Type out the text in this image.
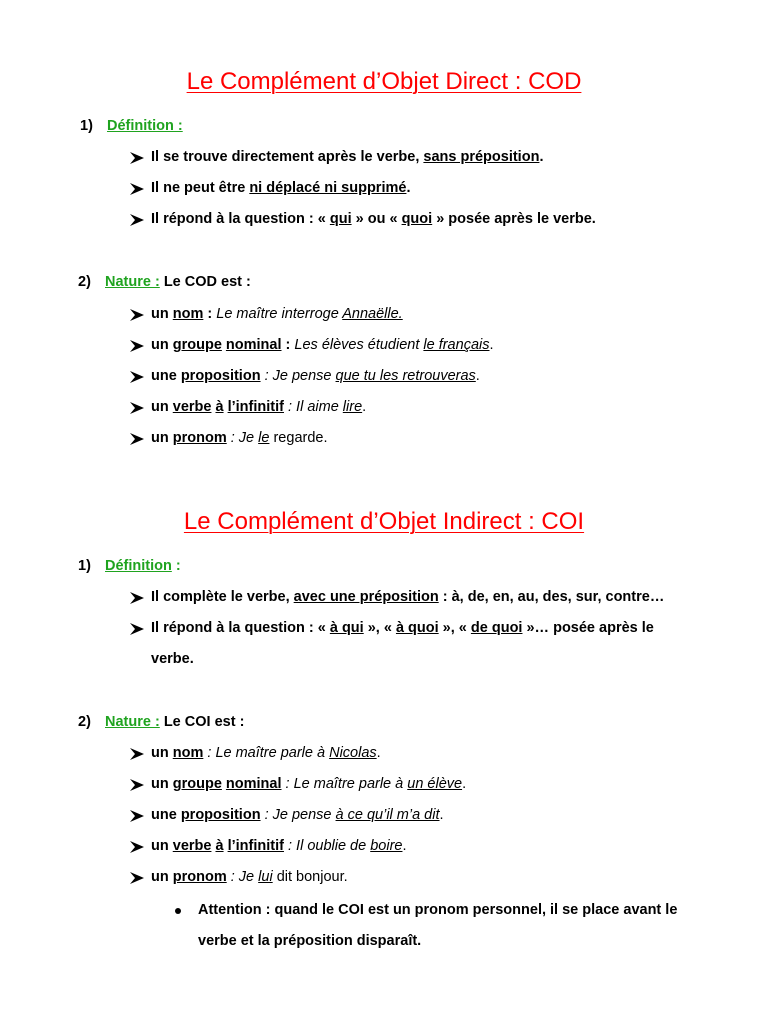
Le Complément d’Objet Direct : COD
1) Définition :
Il se trouve directement après le verbe, sans préposition.
Il ne peut être ni déplacé ni supprimé.
Il répond à la question : « qui » ou « quoi » posée après le verbe.
2) Nature : Le COD est :
un nom : Le maître interroge Annaëlle.
un groupe nominal : Les élèves étudient le français.
une proposition : Je pense que tu les retrouveras.
un verbe à l’infinitif : Il aime lire.
un pronom : Je le regarde.
Le Complément d’Objet Indirect : COI
1) Définition :
Il complète le verbe, avec une préposition : à, de, en, au, des, sur, contre…
Il répond à la question : « à qui », « à quoi », « de quoi »… posée après le
verbe.
2) Nature : Le COI est :
un nom : Le maître parle à Nicolas.
un groupe nominal : Le maître parle à un élève.
une proposition : Je pense à ce qu’il m’a dit.
un verbe à l’infinitif : Il oublie de boire.
un pronom : Je lui dit bonjour.
Attention : quand le COI est un pronom personnel, il se place avant le
verbe et la préposition disparaît.
